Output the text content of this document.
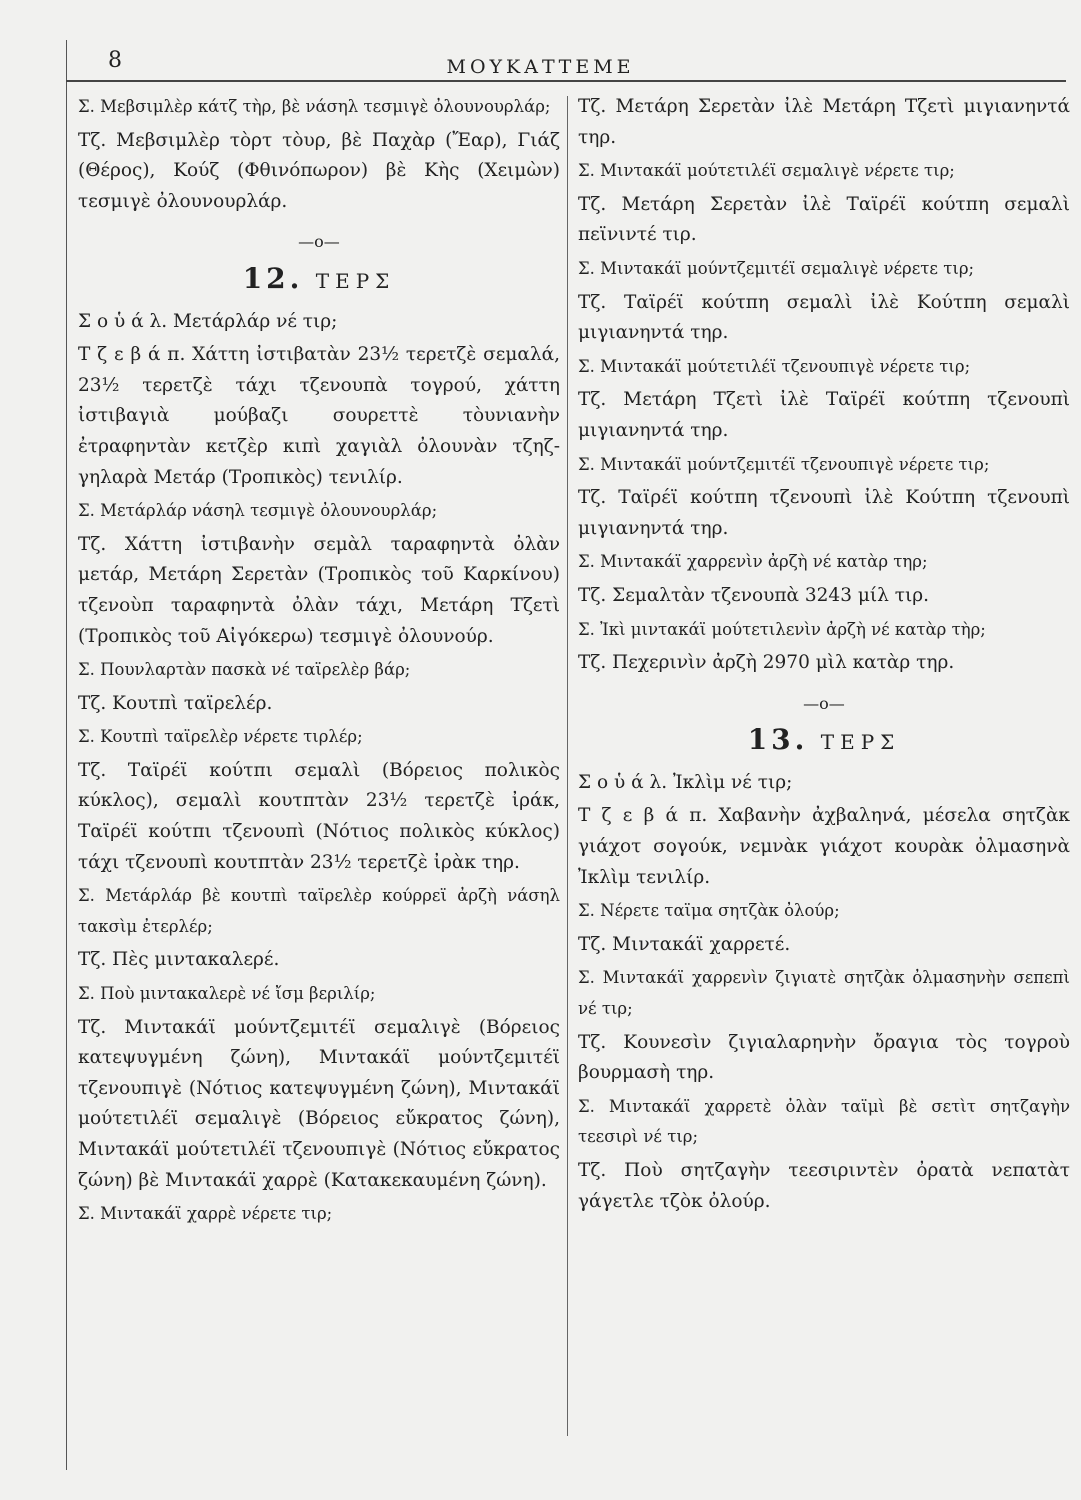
8	ΜΟΥΚΑΤΤΕΜΕ

Σ. Μεβσιμλὲρ κάτζ τὴρ, βὲ νάσηλ τεσμιγὲ ὀλουνουρλάρ;

Τζ. Μεβσιμλὲρ τὸρτ τὸυρ, βὲ Παχὰρ (Ἔαρ), Γιάζ (Θέρος), Κούζ (Φθινόπωρον) βὲ Κὴς (Χειμὼν) τεσμιγὲ ὀλουνουρλάρ.

—ο—
12. ΤΕΡΣ

Σ ο ὑ ά λ. Μετάρλάρ νέ τιρ;

Τ ζ ε β ά π. Χάττη ἰστιβατὰν 23½ τερετζὲ σεμαλά, 23½ τερετζὲ τάχι τζενουπὰ τογρού, χάττη ἰστιβαγιὰ μούβαζι σουρεττὲ τὸυνιανὴν ἐτραφηντὰν κετζὲρ κιπὶ χαγιὰλ ὀλουνὰν τζηζ-γηλαρὰ Μετάρ (Τροπικὸς) τενιλίρ.

Σ. Μετάρλάρ νάσηλ τεσμιγὲ ὀλουνουρλάρ;

Τζ. Χάττη ἰστιβανὴν σεμὰλ ταραφηντὰ ὀλὰν μετάρ, Μετάρη Σερετὰν (Τροπικὸς τοῦ Καρκίνου) τζενοὺπ ταραφηντὰ ὀλὰν τάχι, Μετάρη Τζετὶ (Τροπικὸς τοῦ Αἰγόκερω) τεσμιγὲ ὀλουνούρ.

Σ. Πουνλαρτὰν πασκὰ νέ ταϊρελὲρ βάρ;

Τζ. Κουτπὶ ταϊρελέρ.

Σ. Κουτπὶ ταϊρελὲρ νέρετε τιρλέρ;

Τζ. Ταϊρέϊ κούτπι σεμαλὶ (Βόρειος πολικὸς κύκλος), σεμαλὶ κουτπτὰν 23½ τερετζὲ ἰράκ, Ταϊρέϊ κούτπι τζενουπὶ (Νότιος πολικὸς κύκλος) τάχι τζενουπὶ κουτπτὰν 23½ τερετζὲ ἰρὰκ τηρ.

Σ. Μετάρλάρ βὲ κουτπὶ ταϊρελὲρ κούρρεϊ ἀρζὴ νάσηλ τακσὶμ ἐτερλέρ;

Τζ. Πὲς μιντακαλερέ.

Σ. Ποὺ μιντακαλερὲ νέ ἴσμ βεριλίρ;

Τζ. Μιντακάϊ μούντζεμιτέϊ σεμαλιγὲ (Βόρειος κατεψυγμένη ζώνη), Μιντακάϊ μούντζεμιτέϊ τζενουπιγὲ (Νότιος κατεψυγμένη ζώνη), Μιντακάϊ μούτετιλέϊ σεμαλιγὲ (Βόρειος εὔκρατος ζώνη), Μιντακάϊ μούτετιλέϊ τζενουπιγὲ (Νότιος εὔκρατος ζώνη) βὲ Μιντακάϊ χαρρὲ (Κατακεκαυμένη ζώνη).

Σ. Μιντακάϊ χαρρὲ νέρετε τιρ;

Τζ. Μετάρη Σερετὰν ἰλὲ Μετάρη Τζετὶ μιγιανηντά τηρ.

Σ. Μιντακάϊ μούτετιλέϊ σεμαλιγὲ νέρετε τιρ;

Τζ. Μετάρη Σερετὰν ἰλὲ Ταϊρέϊ κούτπη σεμαλὶ πεϊνιντέ τιρ.

Σ. Μιντακάϊ μούντζεμιτέϊ σεμαλιγὲ νέρετε τιρ;

Τζ. Ταϊρέϊ κούτπη σεμαλὶ ἰλὲ Κούτπη σεμαλὶ μιγιανηντά τηρ.

Σ. Μιντακάϊ μούτετιλέϊ τζενουπιγὲ νέρετε τιρ;

Τζ. Μετάρη Τζετὶ ἰλὲ Ταϊρέϊ κούτπη τζενουπὶ μιγιανηντά τηρ.

Σ. Μιντακάϊ μούντζεμιτέϊ τζενουπιγὲ νέρετε τιρ;

Τζ. Ταϊρέϊ κούτπη τζενουπὶ ἰλὲ Κούτπη τζενουπὶ μιγιανηντά τηρ.

Σ. Μιντακάϊ χαρρενὶν ἀρζὴ νέ κατὰρ τηρ;

Τζ. Σεμαλτὰν τζενουπὰ 3243 μίλ τιρ.

Σ. Ἰκὶ μιντακάϊ μούτετιλενὶν ἀρζὴ νέ κατὰρ τὴρ;

Τζ. Πεχερινὶν ἀρζὴ 2970 μὶλ κατὰρ τηρ.

—ο—
13. ΤΕΡΣ

Σ ο ὑ ά λ. Ἰκλὶμ νέ τιρ;

Τ ζ ε β ά π. Χαβανὴν ἀχβαληνά, μέσελα σητζὰκ γιάχοτ σογούκ, νεμνὰκ γιάχοτ κουρὰκ ὀλμασηνὰ Ἰκλὶμ τενιλίρ.

Σ. Νέρετε ταϊμα σητζὰκ ὀλούρ;

Τζ. Μιντακάϊ χαρρετέ.

Σ. Μιντακάϊ χαρρενὶν ζιγιατὲ σητζὰκ ὀλμασηνὴν σεπεπὶ νέ τιρ;

Τζ. Κουνεσὶν ζιγιαλαρηνὴν ὄραγια τὸς τογροὺ βουρμασὴ τηρ.

Σ. Μιντακάϊ χαρρετὲ ὀλὰν ταϊμὶ βὲ σετὶτ σητζαγὴν τεεσιρὶ νέ τιρ;

Τζ. Ποὺ σητζαγὴν τεεσιριντὲν ὀρατὰ νεπατὰτ γάγετλε τζὸκ ὀλούρ.
